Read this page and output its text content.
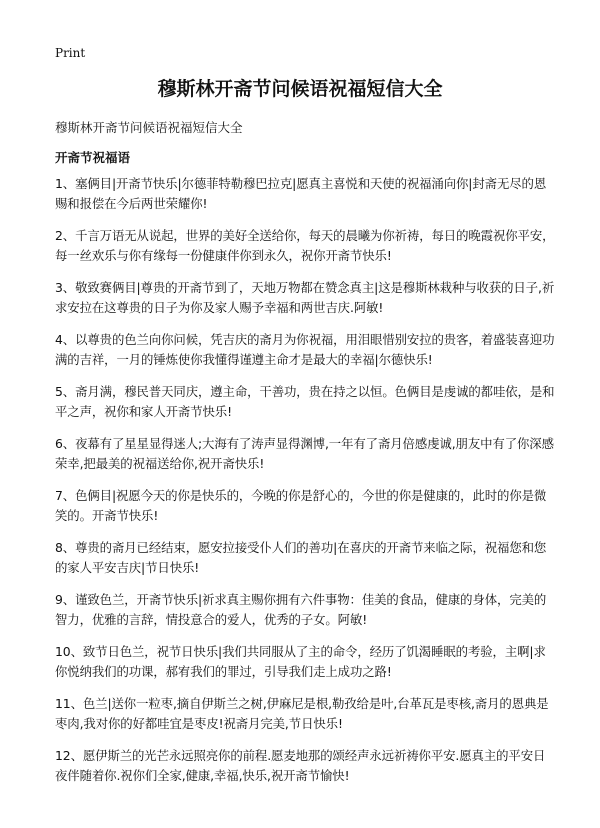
Print
穆斯林开斋节问候语祝福短信大全

穆斯林开斋节问候语祝福短信大全

开斋节祝福语

1、塞俩目|开斋节快乐|尔德菲特勒穆巴拉克|愿真主喜悦和天使的祝福涌向你|封斋无尽的恩赐和报偿在今后两世荣耀你!

2、千言万语无从说起，世界的美好全送给你，每天的晨曦为你祈祷，每日的晚霞祝你平安，每一丝欢乐与你有缘每一份健康伴你到永久，祝你开斋节快乐!

3、敬致赛俩目|尊贵的开斋节到了，天地万物都在赞念真主|这是穆斯林栽种与收获的日子,祈求安拉在这尊贵的日子为你及家人赐予幸福和两世吉庆.阿敏!

4、以尊贵的色兰向你问候，凭吉庆的斋月为你祝福，用泪眼惜别安拉的贵客，着盛装喜迎功满的吉祥，一月的锤炼使你我懂得谨遵主命才是最大的幸福|尔德快乐!

5、斋月满，穆民普天同庆，遵主命，干善功，贵在持之以恒。色俩目是虔诚的都哇依，是和平之声，祝你和家人开斋节快乐!

6、夜幕有了星星显得迷人;大海有了涛声显得渊博,一年有了斋月倍感虔诚,朋友中有了你深感荣幸,把最美的祝福送给你,祝开斋快乐!

7、色俩目|祝愿今天的你是快乐的，今晚的你是舒心的，今世的你是健康的，此时的你是微笑的。开斋节快乐!

8、尊贵的斋月已经结束，愿安拉接受仆人们的善功|在喜庆的开斋节来临之际，祝福您和您的家人平安吉庆|节日快乐!

9、谨致色兰，开斋节快乐|祈求真主赐你拥有六件事物：佳美的食品，健康的身体，完美的智力，优雅的言辞，情投意合的爱人，优秀的子女。阿敏!

10、致节日色兰，祝节日快乐|我们共同服从了主的命令，经历了饥渴睡眠的考验，主啊|求你悦纳我们的功课，郝宥我们的罪过，引导我们走上成功之路!

11、色兰|送你一粒枣,摘自伊斯兰之树,伊麻尼是根,勒孜给是叶,台革瓦是枣核,斋月的恩典是枣肉,我对你的好都哇宜是枣皮!祝斋月完美,节日快乐!

12、愿伊斯兰的光芒永远照亮你的前程.愿麦地那的颂经声永远祈祷你平安.愿真主的平安日夜伴随着你.祝你们全家,健康,幸福,快乐,祝开斋节愉快!
